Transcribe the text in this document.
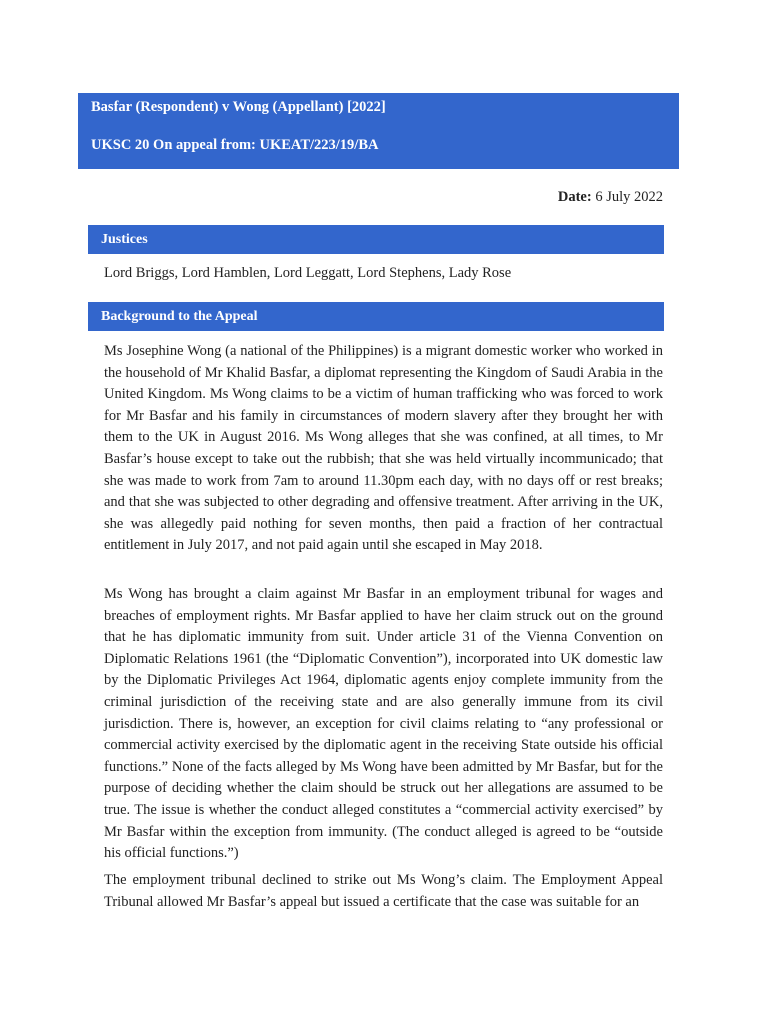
Basfar (Respondent) v Wong (Appellant) [2022]
UKSC 20 On appeal from: UKEAT/223/19/BA
Date: 6 July 2022
Justices
Lord Briggs, Lord Hamblen, Lord Leggatt, Lord Stephens, Lady Rose
Background to the Appeal

Ms Josephine Wong (a national of the Philippines) is a migrant domestic worker who worked in the household of Mr Khalid Basfar, a diplomat representing the Kingdom of Saudi Arabia in the United Kingdom. Ms Wong claims to be a victim of human trafficking who was forced to work for Mr Basfar and his family in circumstances of modern slavery after they brought her with them to the UK in August 2016. Ms Wong alleges that she was confined, at all times, to Mr Basfar’s house except to take out the rubbish; that she was held virtually incommunicado; that she was made to work from 7am to around 11.30pm each day, with no days off or rest breaks; and that she was subjected to other degrading and offensive treatment. After arriving in the UK, she was allegedly paid nothing for seven months, then paid a fraction of her contractual entitlement in July 2017, and not paid again until she escaped in May 2018.

Ms Wong has brought a claim against Mr Basfar in an employment tribunal for wages and breaches of employment rights. Mr Basfar applied to have her claim struck out on the ground that he has diplomatic immunity from suit. Under article 31 of the Vienna Convention on Diplomatic Relations 1961 (the “Diplomatic Convention”), incorporated into UK domestic law by the Diplomatic Privileges Act 1964, diplomatic agents enjoy complete immunity from the criminal jurisdiction of the receiving state and are also generally immune from its civil jurisdiction. There is, however, an exception for civil claims relating to “any professional or commercial activity exercised by the diplomatic agent in the receiving State outside his official functions.” None of the facts alleged by Ms Wong have been admitted by Mr Basfar, but for the purpose of deciding whether the claim should be struck out her allegations are assumed to be true. The issue is whether the conduct alleged constitutes a “commercial activity exercised” by Mr Basfar within the exception from immunity. (The conduct alleged is agreed to be “outside his official functions.”)

The employment tribunal declined to strike out Ms Wong’s claim. The Employment Appeal Tribunal allowed Mr Basfar’s appeal but issued a certificate that the case was suitable for an
